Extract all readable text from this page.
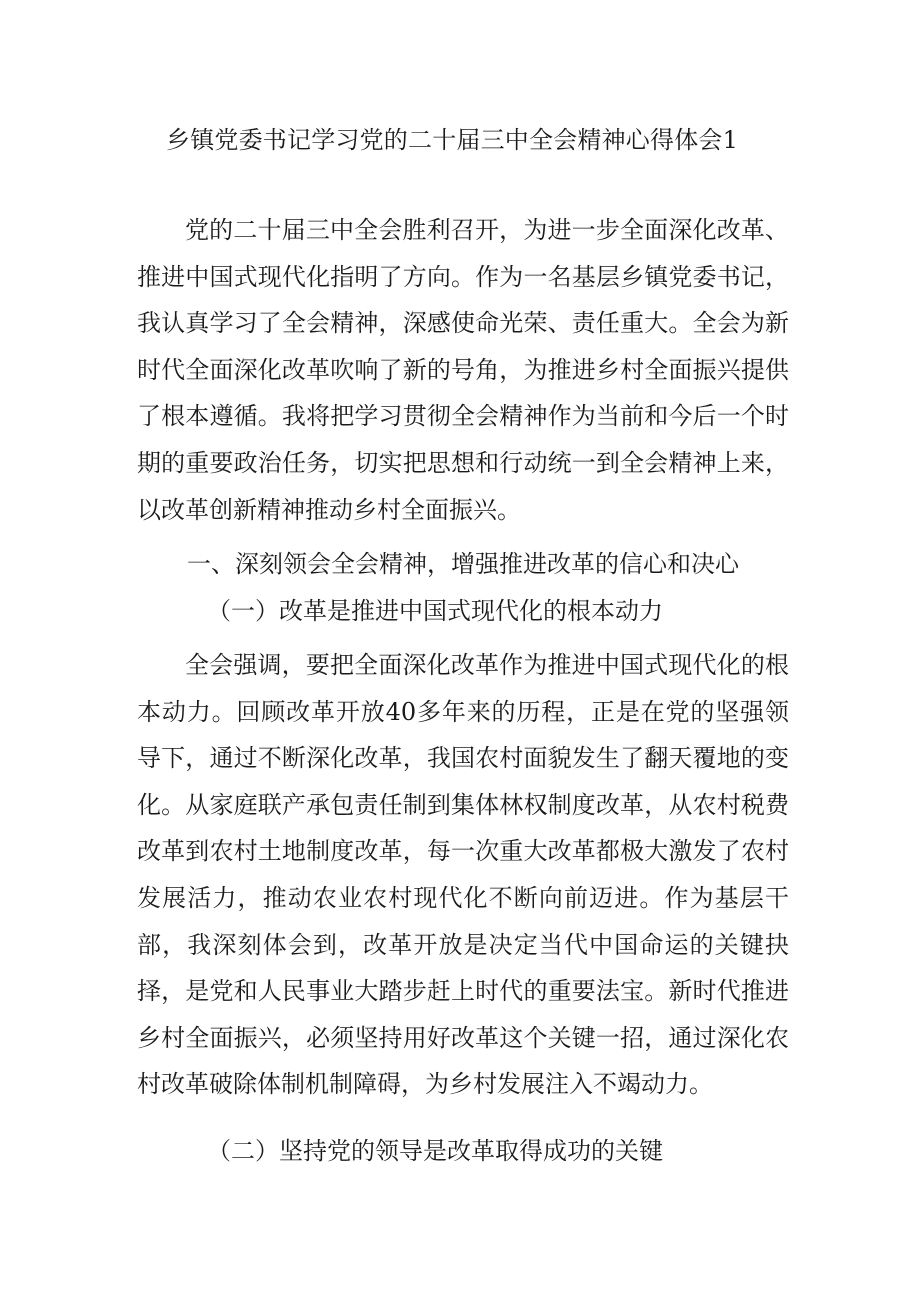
乡镇党委书记学习党的二十届三中全会精神心得体会1

党的二十届三中全会胜利召开，为进一步全面深化改革、推进中国式现代化指明了方向。作为一名基层乡镇党委书记，我认真学习了全会精神，深感使命光荣、责任重大。全会为新时代全面深化改革吹响了新的号角，为推进乡村全面振兴提供了根本遵循。我将把学习贯彻全会精神作为当前和今后一个时期的重要政治任务，切实把思想和行动统一到全会精神上来，以改革创新精神推动乡村全面振兴。

一、深刻领会全会精神，增强推进改革的信心和决心
（一）改革是推进中国式现代化的根本动力

全会强调，要把全面深化改革作为推进中国式现代化的根本动力。回顾改革开放40多年来的历程，正是在党的坚强领导下，通过不断深化改革，我国农村面貌发生了翻天覆地的变化。从家庭联产承包责任制到集体林权制度改革，从农村税费改革到农村土地制度改革，每一次重大改革都极大激发了农村发展活力，推动农业农村现代化不断向前迈进。作为基层干部，我深刻体会到，改革开放是决定当代中国命运的关键抉择，是党和人民事业大踏步赶上时代的重要法宝。新时代推进乡村全面振兴，必须坚持用好改革这个关键一招，通过深化农村改革破除体制机制障碍，为乡村发展注入不竭动力。

（二）坚持党的领导是改革取得成功的关键
